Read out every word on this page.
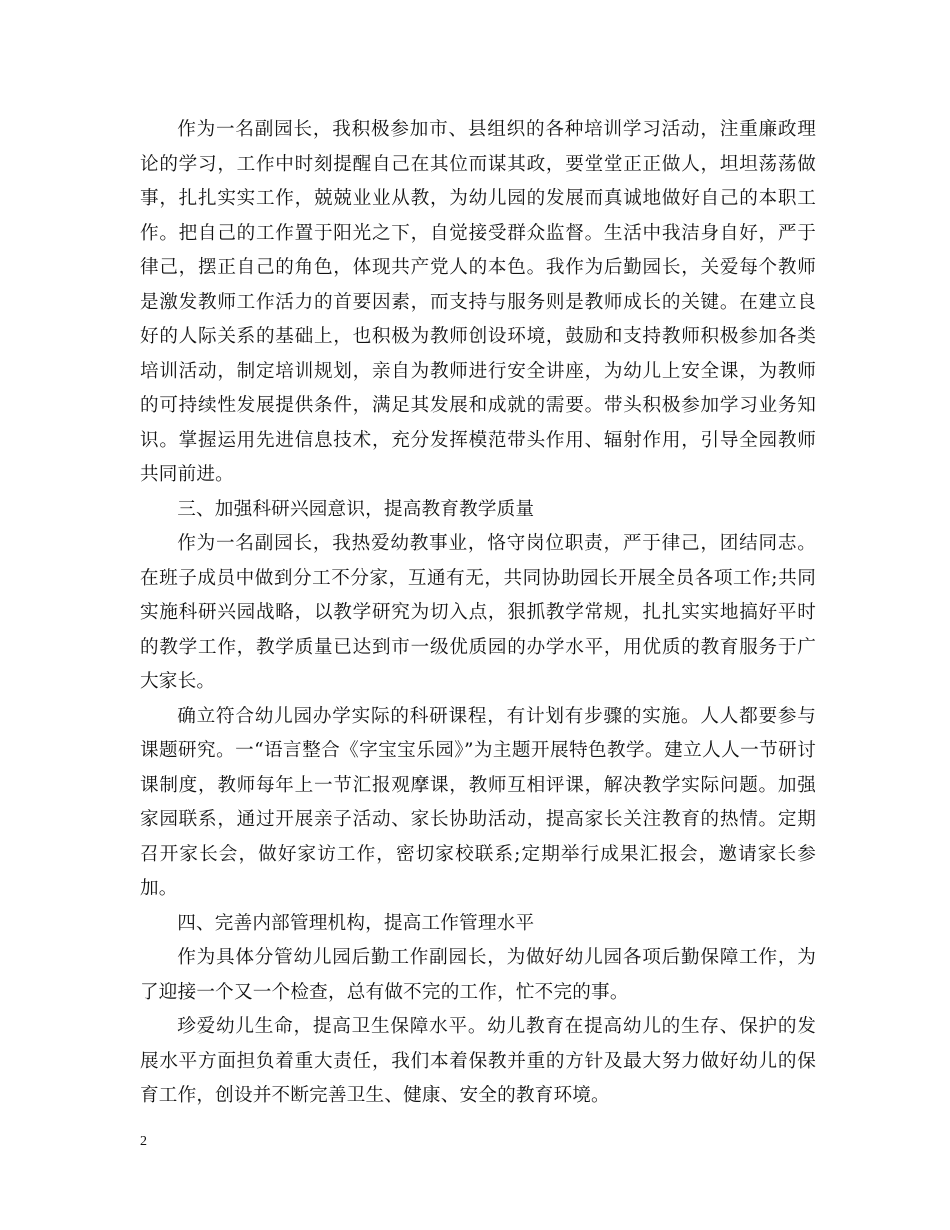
作为一名副园长，我积极参加市、县组织的各种培训学习活动，注重廉政理论的学习，工作中时刻提醒自己在其位而谋其政，要堂堂正正做人，坦坦荡荡做事，扎扎实实工作，兢兢业业从教，为幼儿园的发展而真诚地做好自己的本职工作。把自己的工作置于阳光之下，自觉接受群众监督。生活中我洁身自好，严于律己，摆正自己的角色，体现共产党人的本色。我作为后勤园长，关爱每个教师是激发教师工作活力的首要因素，而支持与服务则是教师成长的关键。在建立良好的人际关系的基础上，也积极为教师创设环境，鼓励和支持教师积极参加各类培训活动，制定培训规划，亲自为教师进行安全讲座，为幼儿上安全课，为教师的可持续性发展提供条件，满足其发展和成就的需要。带头积极参加学习业务知识。掌握运用先进信息技术，充分发挥模范带头作用、辐射作用，引导全园教师共同前进。

三、加强科研兴园意识，提高教育教学质量

作为一名副园长，我热爱幼教事业，恪守岗位职责，严于律己，团结同志。在班子成员中做到分工不分家，互通有无，共同协助园长开展全员各项工作;共同实施科研兴园战略，以教学研究为切入点，狠抓教学常规，扎扎实实地搞好平时的教学工作，教学质量已达到市一级优质园的办学水平，用优质的教育服务于广大家长。

确立符合幼儿园办学实际的科研课程，有计划有步骤的实施。人人都要参与课题研究。一“语言整合《字宝宝乐园》”为主题开展特色教学。建立人人一节研讨课制度，教师每年上一节汇报观摩课，教师互相评课，解决教学实际问题。加强家园联系，通过开展亲子活动、家长协助活动，提高家长关注教育的热情。定期召开家长会，做好家访工作，密切家校联系;定期举行成果汇报会，邀请家长参加。

四、完善内部管理机构，提高工作管理水平

作为具体分管幼儿园后勤工作副园长，为做好幼儿园各项后勤保障工作，为了迎接一个又一个检查，总有做不完的工作，忙不完的事。

珍爱幼儿生命，提高卫生保障水平。幼儿教育在提高幼儿的生存、保护的发展水平方面担负着重大责任，我们本着保教并重的方针及最大努力做好幼儿的保育工作，创设并不断完善卫生、健康、安全的教育环境。

2
